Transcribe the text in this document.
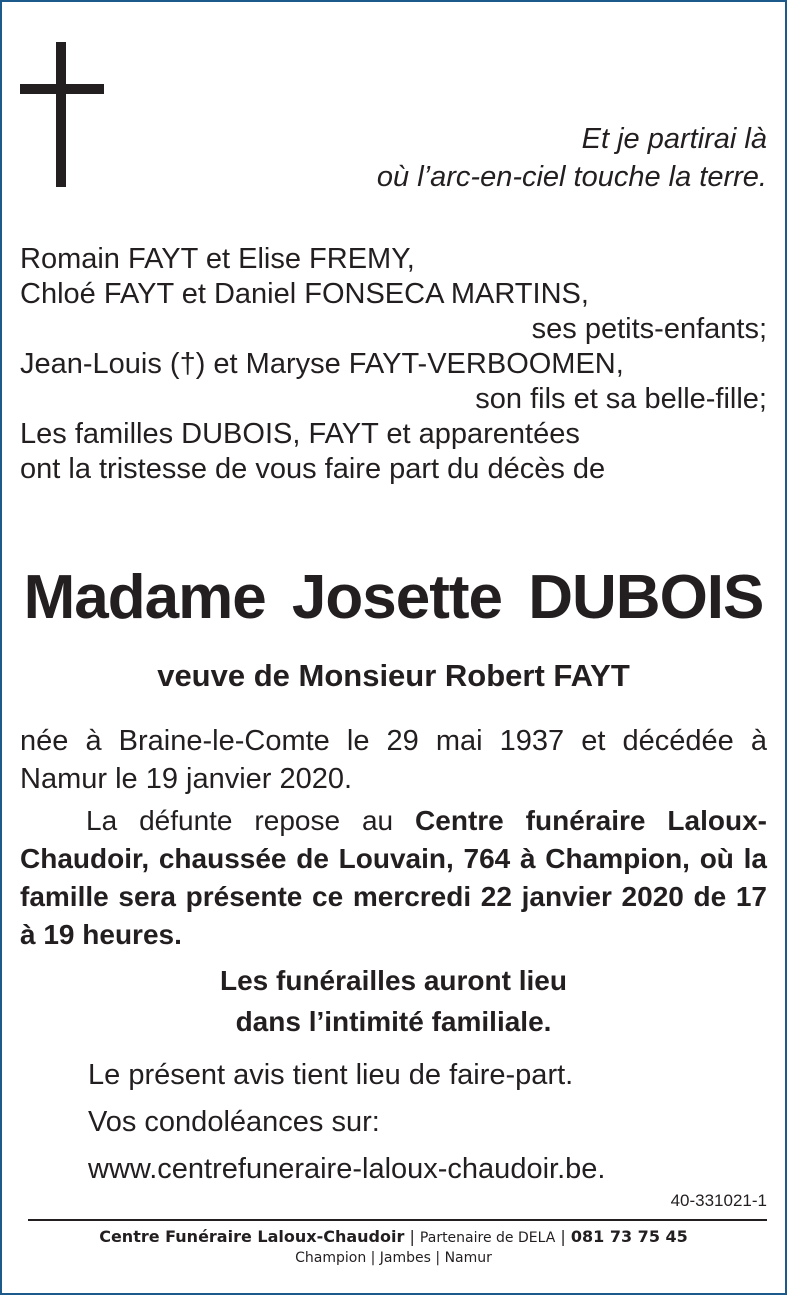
Et je partirai là
où l’arc-en-ciel touche la terre.
Romain FAYT et Elise FREMY,
Chloé FAYT et Daniel FONSECA MARTINS,
ses petits-enfants;
Jean-Louis (†) et Maryse FAYT-VERBOOMEN,
son fils et sa belle-fille;
Les familles DUBOIS, FAYT et apparentées
ont la tristesse de vous faire part du décès de
Madame Josette DUBOIS
veuve de Monsieur Robert FAYT
née à Braine-le-Comte le 29 mai 1937 et décédée à Namur le 19 janvier 2020.
La défunte repose au Centre funéraire Laloux-Chaudoir, chaussée de Louvain, 764 à Champion, où la famille sera présente ce mercredi 22 janvier 2020 de 17 à 19 heures.
Les funérailles auront lieu
dans l’intimité familiale.
Le présent avis tient lieu de faire-part.
Vos condoléances sur:
www.centrefuneraire-laloux-chaudoir.be.
40-331021-1
Centre Funéraire Laloux-Chaudoir | Partenaire de DELA | 081 73 75 45
Champion | Jambes | Namur
